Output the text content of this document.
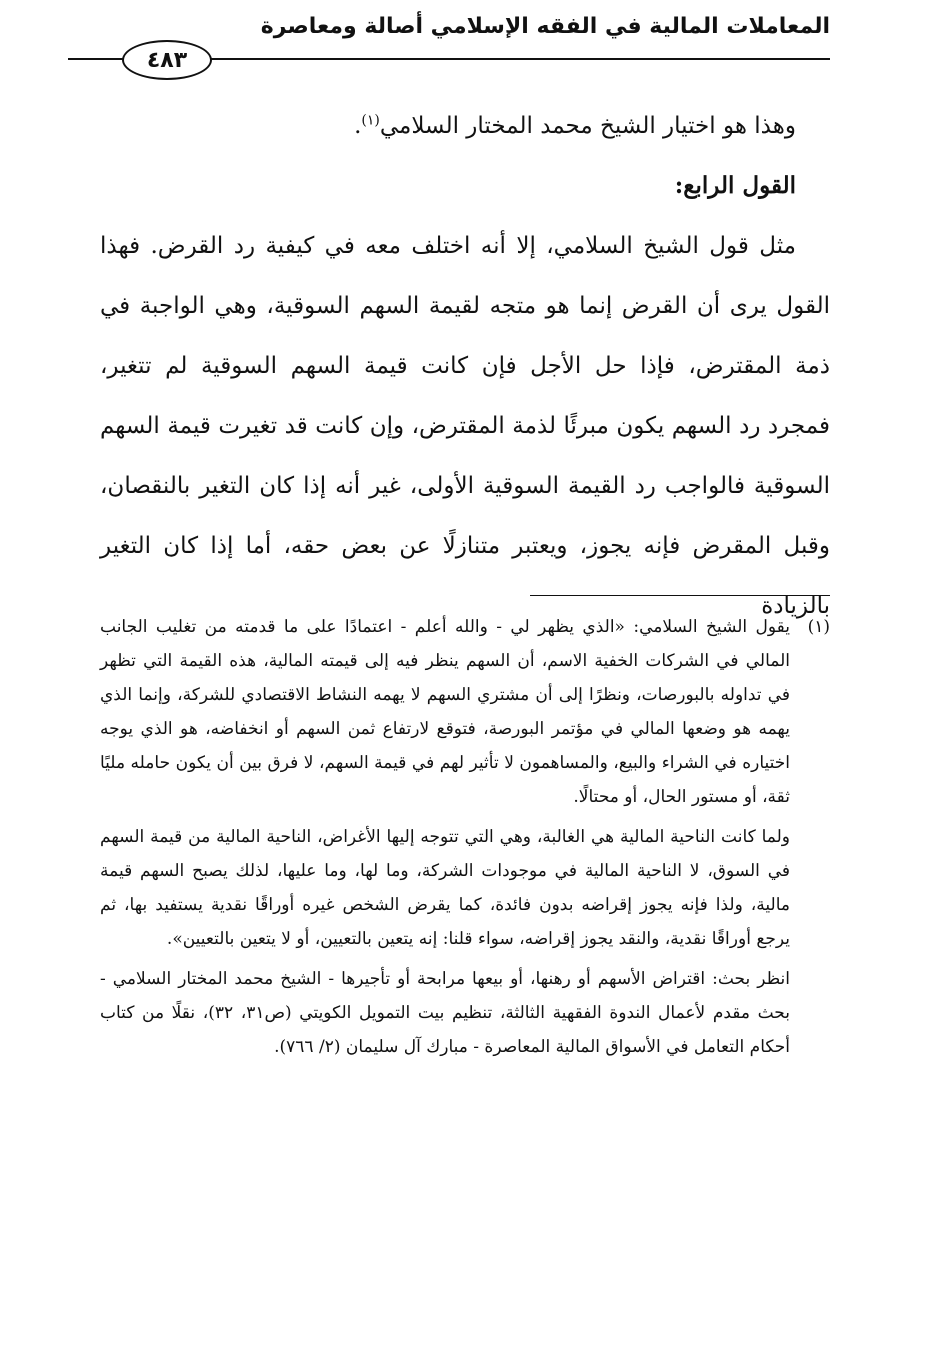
المعاملات المالية في الفقه الإسلامي أصالة ومعاصرة
٤٨٣

وهذا هو اختيار الشيخ محمد المختار السلامي$^{(١)}$.

القول الرابع:

مثل قول الشيخ السلامي، إلا أنه اختلف معه في كيفية رد القرض. فهذا القول يرى أن القرض إنما هو متجه لقيمة السهم السوقية، وهي الواجبة في ذمة المقترض، فإذا حل الأجل فإن كانت قيمة السهم السوقية لم تتغير، فمجرد رد السهم يكون مبرئًا لذمة المقترض، وإن كانت قد تغيرت قيمة السهم السوقية فالواجب رد القيمة السوقية الأولى، غير أنه إذا كان التغير بالنقصان، وقبل المقرض فإنه يجوز، ويعتبر متنازلًا عن بعض حقه، أما إذا كان التغير بالزيادة

(١)

يقول الشيخ السلامي: «الذي يظهر لي - والله أعلم - اعتمادًا على ما قدمته من تغليب الجانب المالي في الشركات الخفية الاسم، أن السهم ينظر فيه إلى قيمته المالية، هذه القيمة التي تظهر في تداوله بالبورصات، ونظرًا إلى أن مشتري السهم لا يهمه النشاط الاقتصادي للشركة، وإنما الذي يهمه هو وضعها المالي في مؤتمر البورصة، فتوقع لارتفاع ثمن السهم أو انخفاضه، هو الذي يوجه اختياره في الشراء والبيع، والمساهمون لا تأثير لهم في قيمة السهم، لا فرق بين أن يكون حامله مليًا ثقة، أو مستور الحال، أو محتالًا.

ولما كانت الناحية المالية هي الغالبة، وهي التي تتوجه إليها الأغراض، الناحية المالية من قيمة السهم في السوق، لا الناحية المالية في موجودات الشركة، وما لها، وما عليها، لذلك يصبح السهم قيمة مالية، ولذا فإنه يجوز إقراضه بدون فائدة، كما يقرض الشخص غيره أوراقًا نقدية يستفيد بها، ثم يرجع أوراقًا نقدية، والنقد يجوز إقراضه، سواء قلنا: إنه يتعين بالتعيين، أو لا يتعين بالتعيين».

انظر بحث: اقتراض الأسهم أو رهنها، أو بيعها مرابحة أو تأجيرها - الشيخ محمد المختار السلامي - بحث مقدم لأعمال الندوة الفقهية الثالثة، تنظيم بيت التمويل الكويتي (ص٣١، ٣٢)، نقلًا من كتاب أحكام التعامل في الأسواق المالية المعاصرة - مبارك آل سليمان (٢/ ٧٦٦).
